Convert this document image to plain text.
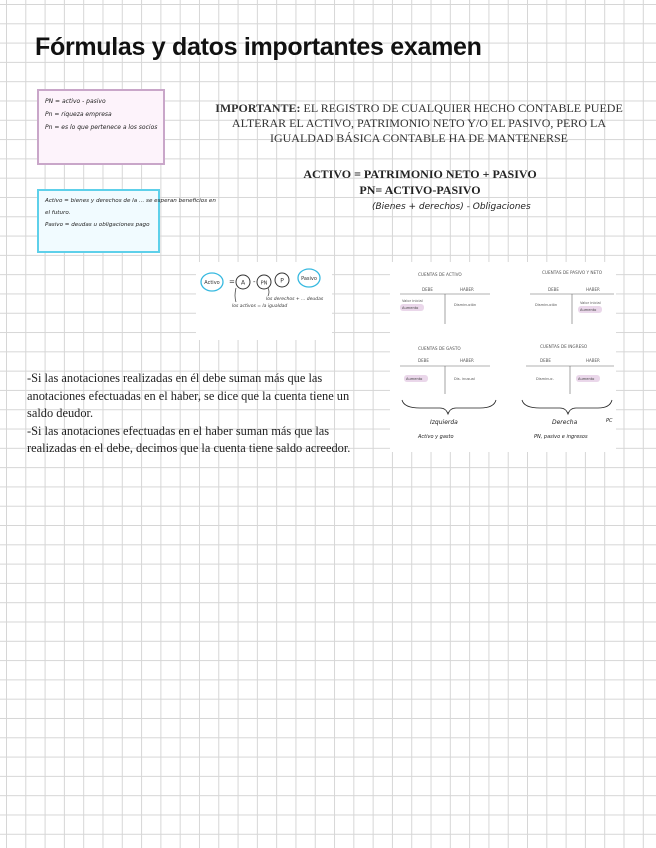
Fórmulas y datos importantes examen
PN = activo - pasivo
Pn = riqueza empresa
Pn = es lo que pertenece a los socios
Activo = bienes y derechos de la ... se esperan beneficios en
el futuro.
Pasivo = deudas u obligaciones pago
IMPORTANTE: EL REGISTRO DE CUALQUIER HECHO CONTABLE PUEDE ALTERAR EL ACTIVO, PATRIMONIO NETO Y/O EL PASIVO, PERO LA IGUALDAD BÁSICA CONTABLE HA DE MANTENERSE
ACTIVO = PATRIMONIO NETO + PASIVO
PN= ACTIVO-PASIVO
(Bienes + derechos) - Obligaciones
Activo = A - PN P	Pasivo
los activos = la igualdad
los derechos + ... deudas
CUENTAS DE ACTIVO
DEBE	HABER
Valor inicial
Aumento
Disminución
CUENTAS DE PASIVO Y NETO
DEBE	HABER
Disminución	Valor inicial
Aumento
CUENTAS DE GASTO
DEBE	HABER
Aumento	Dis. inusual
CUENTAS DE INGRESO
DEBE	HABER
Disminuc.	Aumento
Izquierda
Activo y gasto
Derecha	PC
PN, pasivo e ingresos

-Si las anotaciones realizadas en él debe suman más que las anotaciones efectuadas en el haber, se dice que la cuenta tiene un saldo deudor.

-Si las anotaciones efectuadas en el haber suman más que las realizadas en el debe, decimos que la cuenta tiene saldo acreedor.
